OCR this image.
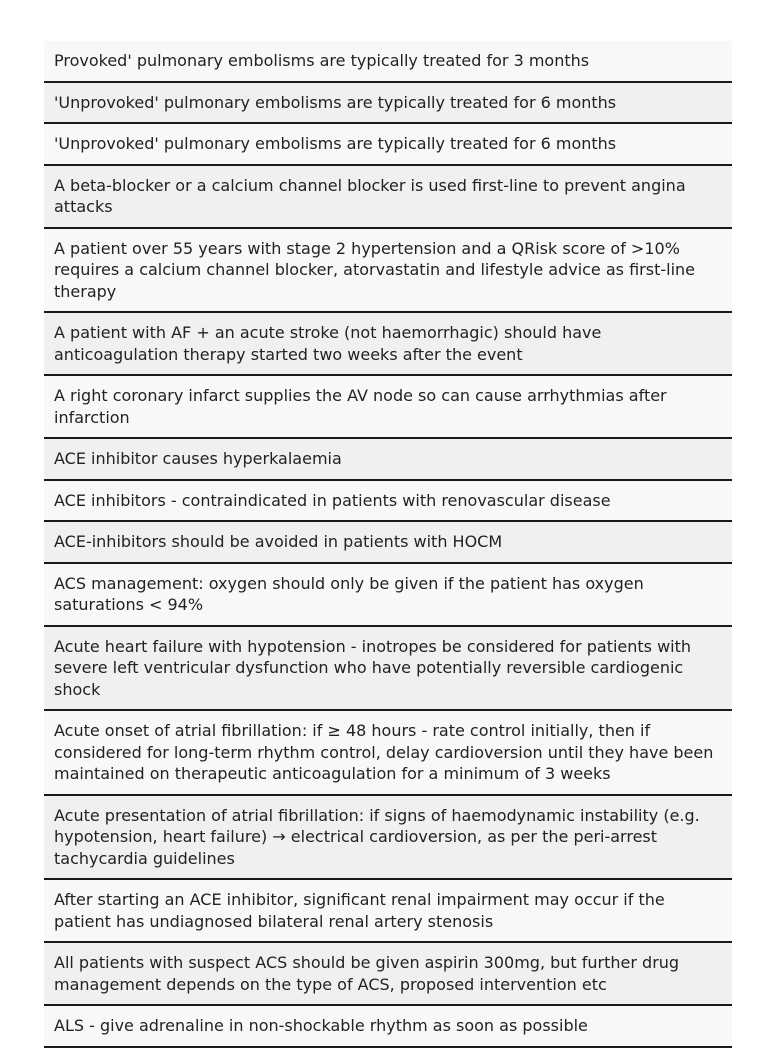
Provoked' pulmonary embolisms are typically treated for 3 months
'Unprovoked' pulmonary embolisms are typically treated for 6 months
'Unprovoked' pulmonary embolisms are typically treated for 6 months
A beta-blocker or a calcium channel blocker is used first-line to prevent angina attacks
A patient over 55 years with stage 2 hypertension and a QRisk score of >10% requires a calcium channel blocker, atorvastatin and lifestyle advice as first-line therapy
A patient with AF + an acute stroke (not haemorrhagic) should have anticoagulation therapy started two weeks after the event
A right coronary infarct supplies the AV node so can cause arrhythmias after infarction
ACE inhibitor causes hyperkalaemia
ACE inhibitors - contraindicated in patients with renovascular disease
ACE-inhibitors should be avoided in patients with HOCM
ACS management: oxygen should only be given if the patient has oxygen saturations < 94%
Acute heart failure with hypotension - inotropes be considered for patients with severe left ventricular dysfunction who have potentially reversible cardiogenic shock
Acute onset of atrial fibrillation: if ≥ 48 hours - rate control initially, then if considered for long-term rhythm control, delay cardioversion until they have been maintained on therapeutic anticoagulation for a minimum of 3 weeks
Acute presentation of atrial fibrillation: if signs of haemodynamic instability (e.g. hypotension, heart failure) → electrical cardioversion, as per the peri-arrest tachycardia guidelines
After starting an ACE inhibitor, significant renal impairment may occur if the patient has undiagnosed bilateral renal artery stenosis
All patients with suspect ACS should be given aspirin 300mg, but further drug management depends on the type of ACS, proposed intervention etc
ALS - give adrenaline in non-shockable rhythm as soon as possible
